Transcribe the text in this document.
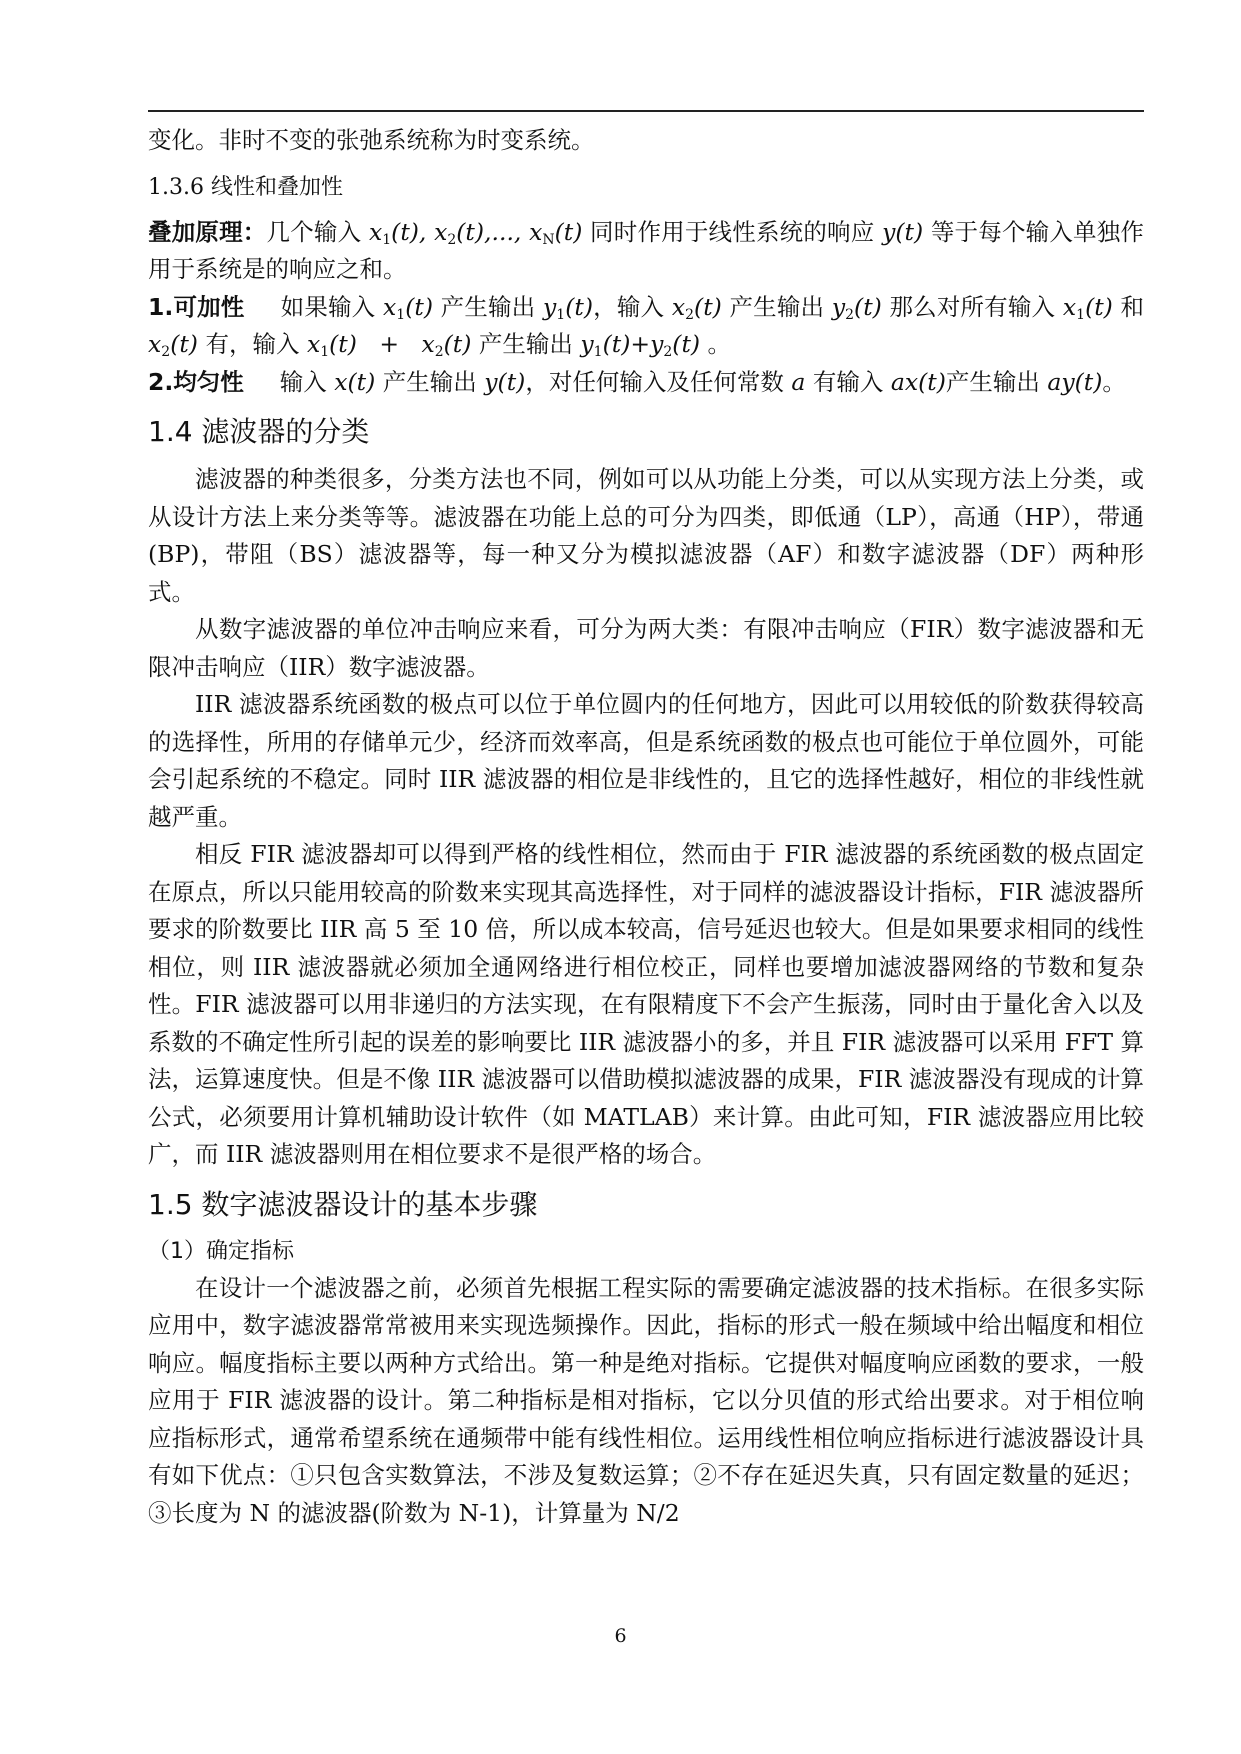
变化。非时不变的张弛系统称为时变系统。

1.3.6 线性和叠加性

叠加原理：几个输入 $x_1(t)$, $x_2(t)$,..., $x_N(t)$ 同时作用于线性系统的响应 y(t) 等于每个输入单独作用于系统是的响应之和。

1.可加性 如果输入 $x_1(t)$ 产生输出 $y_1(t)$，输入 $x_2(t)$ 产生输出 $y_2(t)$ 那么对所有输入 $x_1(t)$ 和 $x_2(t)$ 有，输入 $x_1(t) + x_2(t)$ 产生输出 $y_1(t)+y_2(t)$ 。

2.均匀性 输入 x(t) 产生输出 y(t)，对任何输入及任何常数 a 有输入 ax(t)产生输出 ay(t)。

1.4 滤波器的分类

滤波器的种类很多，分类方法也不同，例如可以从功能上分类，可以从实现方法上分类，或从设计方法上来分类等等。滤波器在功能上总的可分为四类，即低通（LP），高通（HP），带通(BP)，带阻（BS）滤波器等，每一种又分为模拟滤波器（AF）和数字滤波器（DF）两种形式。

从数字滤波器的单位冲击响应来看，可分为两大类：有限冲击响应（FIR）数字滤波器和无限冲击响应（IIR）数字滤波器。

IIR 滤波器系统函数的极点可以位于单位圆内的任何地方，因此可以用较低的阶数获得较高的选择性，所用的存储单元少，经济而效率高，但是系统函数的极点也可能位于单位圆外，可能会引起系统的不稳定。同时 IIR 滤波器的相位是非线性的，且它的选择性越好，相位的非线性就越严重。

相反 FIR 滤波器却可以得到严格的线性相位，然而由于 FIR 滤波器的系统函数的极点固定在原点，所以只能用较高的阶数来实现其高选择性，对于同样的滤波器设计指标，FIR 滤波器所要求的阶数要比 IIR 高 5 至 10 倍，所以成本较高，信号延迟也较大。但是如果要求相同的线性相位，则 IIR 滤波器就必须加全通网络进行相位校正，同样也要增加滤波器网络的节数和复杂性。FIR 滤波器可以用非递归的方法实现，在有限精度下不会产生振荡，同时由于量化舍入以及系数的不确定性所引起的误差的影响要比 IIR 滤波器小的多，并且 FIR 滤波器可以采用 FFT 算法，运算速度快。但是不像 IIR 滤波器可以借助模拟滤波器的成果，FIR 滤波器没有现成的计算公式，必须要用计算机辅助设计软件（如 MATLAB）来计算。由此可知，FIR 滤波器应用比较广，而 IIR 滤波器则用在相位要求不是很严格的场合。

1.5 数字滤波器设计的基本步骤

（1）确定指标

在设计一个滤波器之前，必须首先根据工程实际的需要确定滤波器的技术指标。在很多实际应用中，数字滤波器常常被用来实现选频操作。因此，指标的形式一般在频域中给出幅度和相位响应。幅度指标主要以两种方式给出。第一种是绝对指标。它提供对幅度响应函数的要求，一般应用于 FIR 滤波器的设计。第二种指标是相对指标，它以分贝值的形式给出要求。对于相位响应指标形式，通常希望系统在通频带中能有线性相位。运用线性相位响应指标进行滤波器设计具有如下优点：①只包含实数算法，不涉及复数运算；②不存在延迟失真，只有固定数量的延迟；③长度为 N 的滤波器(阶数为 N-1)，计算量为 N/2

6
